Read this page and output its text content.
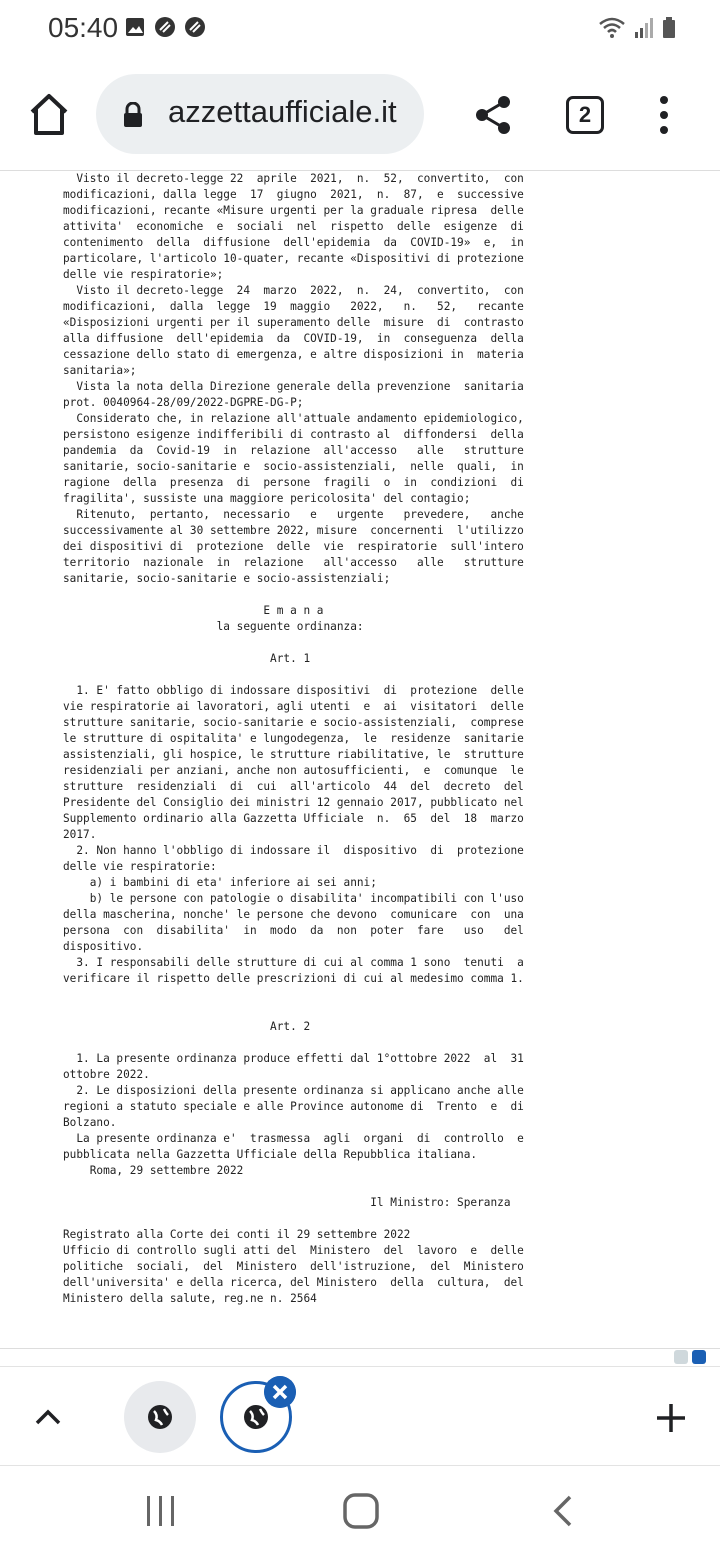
05:40
azzettaufficiale.it	2
Visto il decreto-legge 22  aprile  2021,  n.  52,  convertito,  con
modificazioni, dalla legge  17  giugno  2021,  n.  87,  e  successive
modificazioni, recante «Misure urgenti per la graduale ripresa  delle
attivita'  economiche  e  sociali  nel  rispetto  delle  esigenze  di
contenimento  della  diffusione  dell'epidemia  da  COVID-19»  e,  in
particolare, l'articolo 10-quater, recante «Dispositivi di protezione
delle vie respiratorie»;
Visto il decreto-legge  24  marzo  2022,  n.  24,  convertito,  con
modificazioni,  dalla  legge  19  maggio   2022,   n.   52,   recante
«Disposizioni urgenti per il superamento delle  misure  di  contrasto
alla diffusione  dell'epidemia  da  COVID-19,  in  conseguenza  della
cessazione dello stato di emergenza, e altre disposizioni in  materia
sanitaria»;
Vista la nota della Direzione generale della prevenzione  sanitaria
prot. 0040964-28/09/2022-DGPRE-DG-P;
Considerato che, in relazione all'attuale andamento epidemiologico,
persistono esigenze indifferibili di contrasto al  diffondersi  della
pandemia  da  Covid-19  in  relazione  all'accesso   alle   strutture
sanitarie, socio-sanitarie e  socio-assistenziali,  nelle  quali,  in
ragione  della  presenza  di  persone  fragili  o  in  condizioni  di
fragilita', sussiste una maggiore pericolosita' del contagio;
Ritenuto,  pertanto,  necessario   e   urgente   prevedere,   anche
successivamente al 30 settembre 2022, misure  concernenti  l'utilizzo
dei dispositivi di  protezione  delle  vie  respiratorie  sull'intero
territorio  nazionale  in  relazione   all'accesso   alle   strutture
sanitarie, socio-sanitarie e socio-assistenziali;

E m a n a
la seguente ordinanza:

Art. 1

1. E' fatto obbligo di indossare dispositivi  di  protezione  delle
vie respiratorie ai lavoratori, agli utenti  e  ai  visitatori  delle
strutture sanitarie, socio-sanitarie e socio-assistenziali,  comprese
le strutture di ospitalita' e lungodegenza,  le  residenze  sanitarie
assistenziali, gli hospice, le strutture riabilitative, le  strutture
residenziali per anziani, anche non autosufficienti,  e  comunque  le
strutture  residenziali  di  cui  all'articolo  44  del  decreto  del
Presidente del Consiglio dei ministri 12 gennaio 2017, pubblicato nel
Supplemento ordinario alla Gazzetta Ufficiale  n.  65  del  18  marzo
2017.
2. Non hanno l'obbligo di indossare il  dispositivo  di  protezione
delle vie respiratorie:
a) i bambini di eta' inferiore ai sei anni;
b) le persone con patologie o disabilita' incompatibili con l'uso
della mascherina, nonche' le persone che devono  comunicare  con  una
persona  con  disabilita'  in  modo  da  non  poter  fare   uso   del
dispositivo.
3. I responsabili delle strutture di cui al comma 1 sono  tenuti  a
verificare il rispetto delle prescrizioni di cui al medesimo comma 1.

Art. 2

1. La presente ordinanza produce effetti dal 1°ottobre 2022  al  31
ottobre 2022.
2. Le disposizioni della presente ordinanza si applicano anche alle
regioni a statuto speciale e alle Province autonome di  Trento  e  di
Bolzano.
La presente ordinanza e'  trasmessa  agli  organi  di  controllo  e
pubblicata nella Gazzetta Ufficiale della Repubblica italiana.
Roma, 29 settembre 2022

Il Ministro: Speranza

Registrato alla Corte dei conti il 29 settembre 2022
Ufficio di controllo sugli atti del  Ministero  del  lavoro  e  delle
politiche  sociali,  del  Ministero  dell'istruzione,  del  Ministero
dell'universita' e della ricerca, del Ministero  della  cultura,  del
Ministero della salute, reg.ne n. 2564
